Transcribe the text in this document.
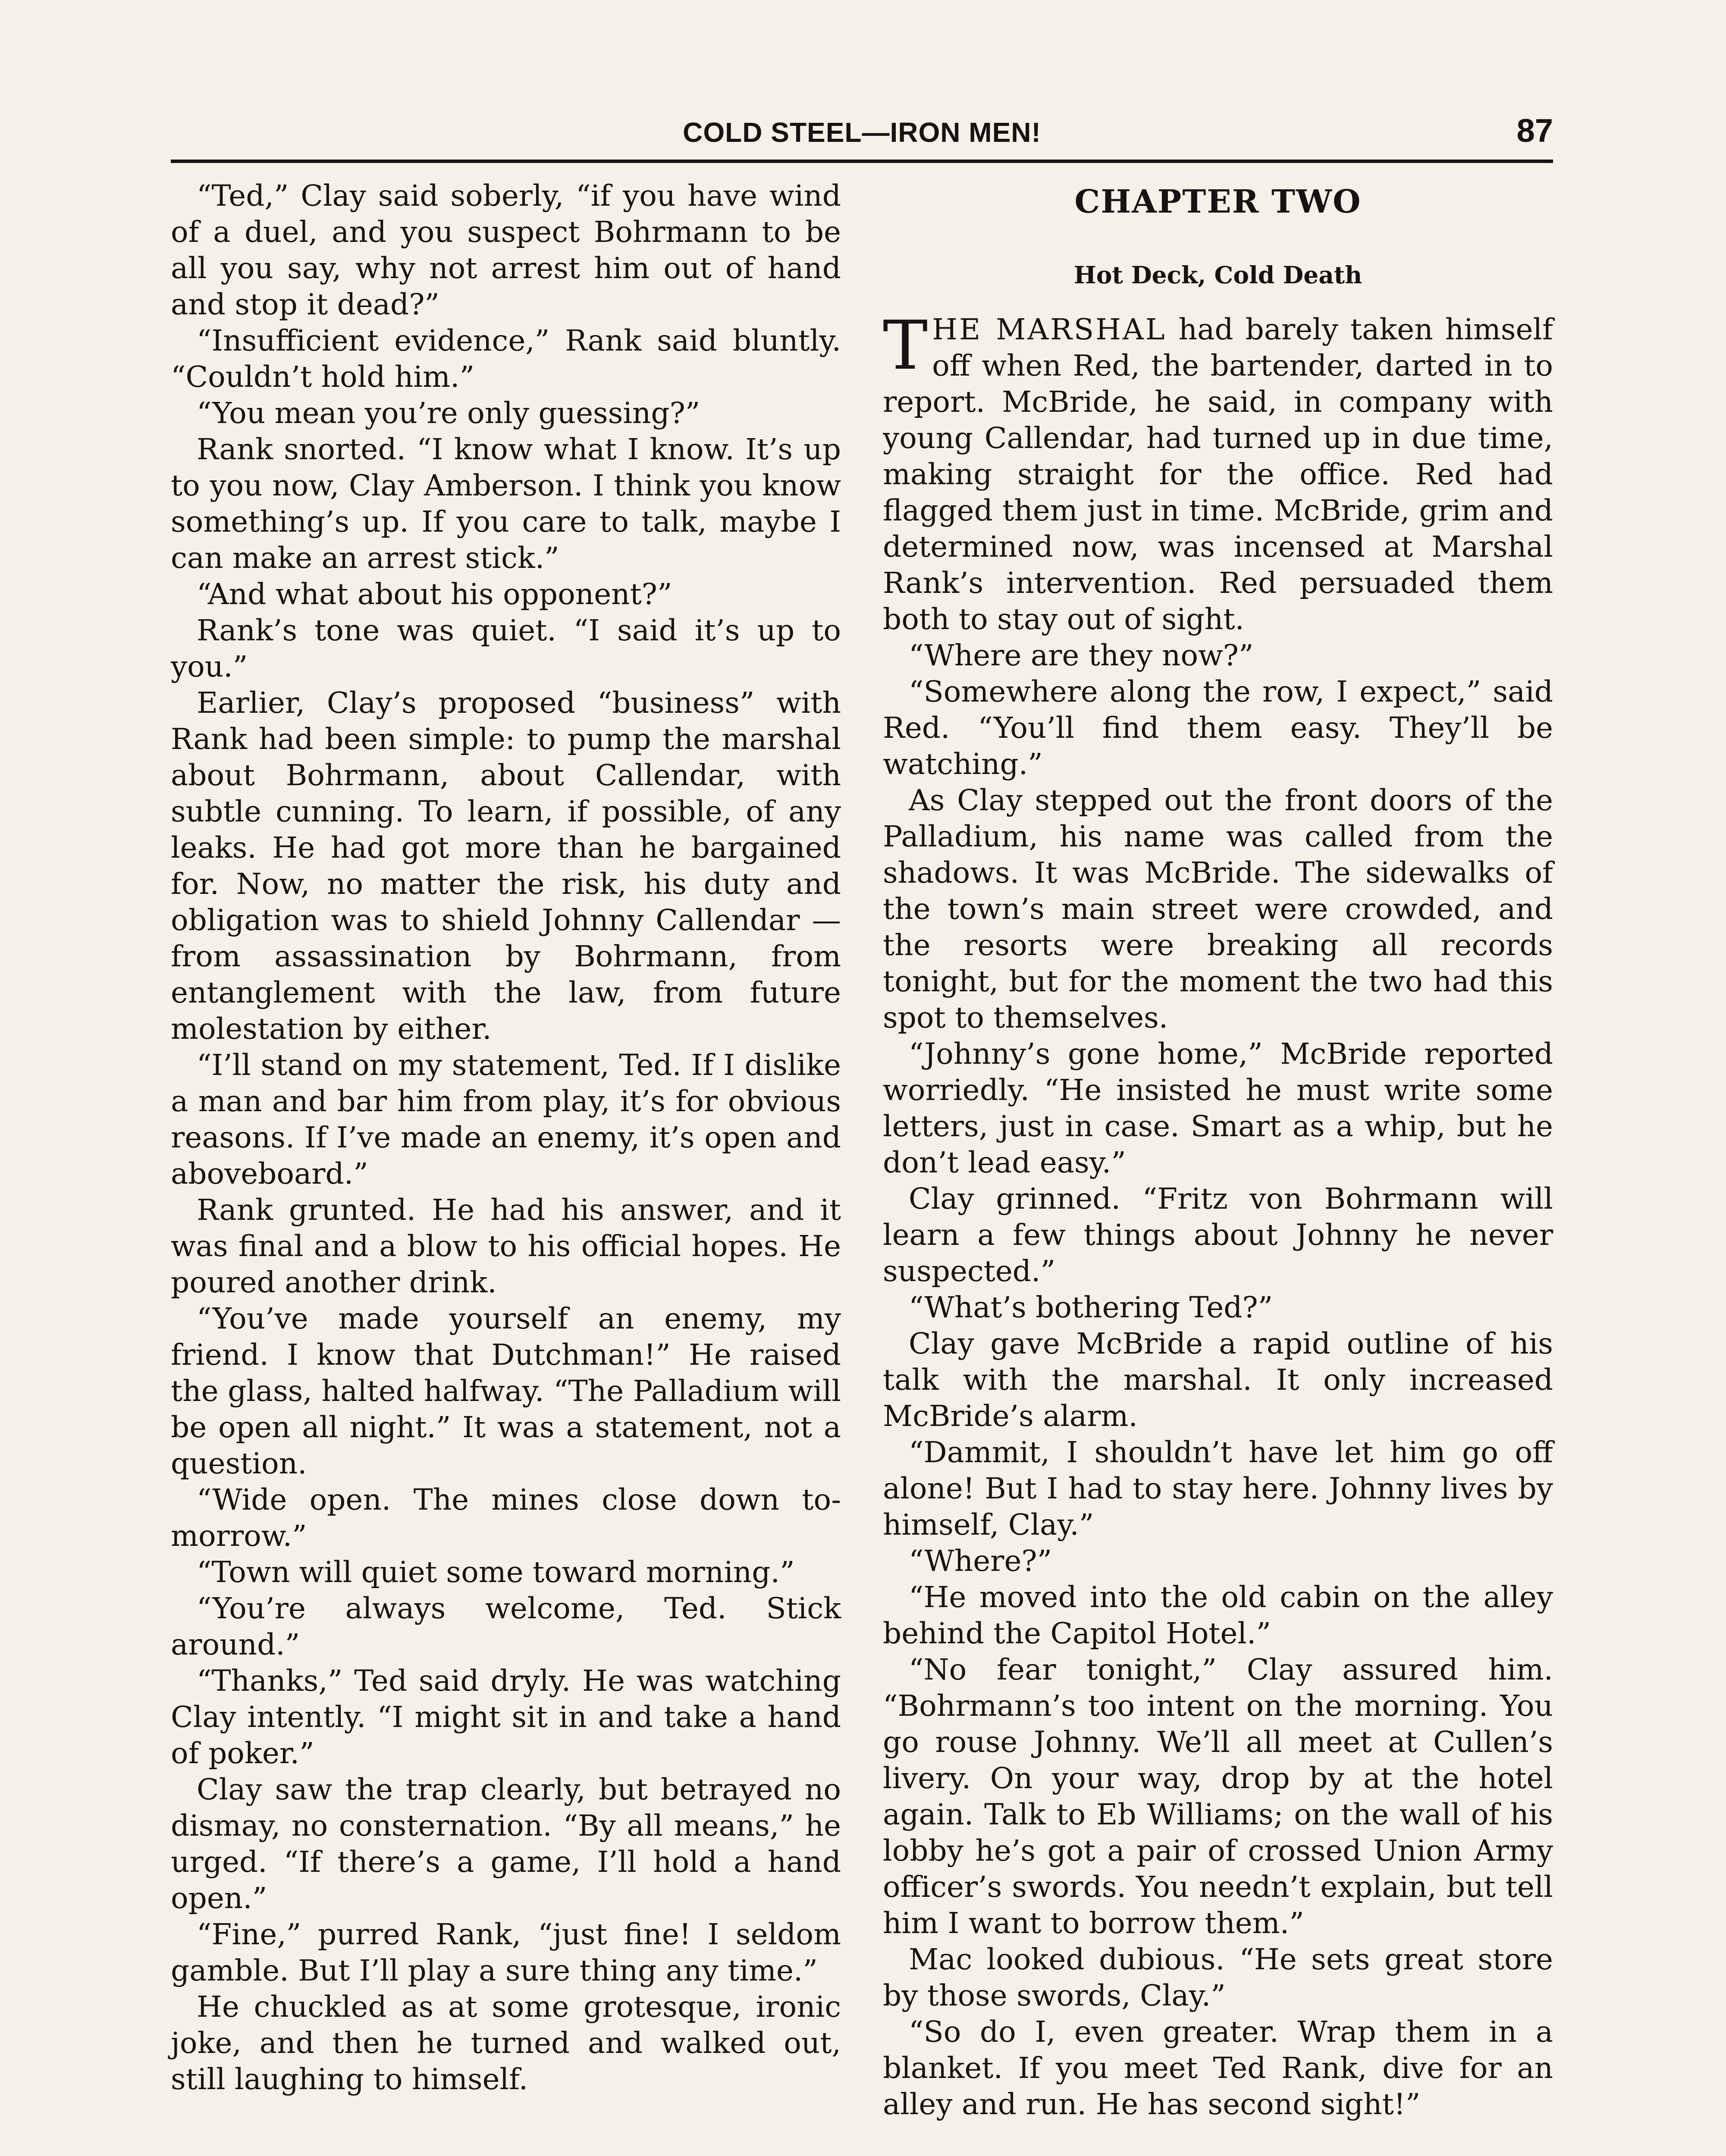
COLD STEEL—IRON MEN!	87

“Ted,” Clay said soberly, “if you have wind of a duel, and you suspect Bohrmann to be all you say, why not arrest him out of hand and stop it dead?”

“Insufficient evidence,” Rank said bluntly. “Couldn’t hold him.”

“You mean you’re only guessing?”

Rank snorted. “I know what I know. It’s up to you now, Clay Amberson. I think you know something’s up. If you care to talk, maybe I can make an arrest stick.”

“And what about his opponent?”

Rank’s tone was quiet. “I said it’s up to you.”

Earlier, Clay’s proposed “business” with Rank had been simple: to pump the marshal about Bohrmann, about Callendar, with subtle cunning. To learn, if possible, of any leaks. He had got more than he bargained for. Now, no matter the risk, his duty and obligation was to shield Johnny Callendar — from assassination by Bohrmann, from entanglement with the law, from future molestation by either.

“I’ll stand on my statement, Ted. If I dislike a man and bar him from play, it’s for obvious reasons. If I’ve made an enemy, it’s open and aboveboard.”

Rank grunted. He had his answer, and it was final and a blow to his official hopes. He poured another drink.

“You’ve made yourself an enemy, my friend. I know that Dutchman!” He raised the glass, halted halfway. “The Palladium will be open all night.” It was a statement, not a question.

“Wide open. The mines close down tomorrow.”

“Town will quiet some toward morning.”

“You’re always welcome, Ted. Stick around.”

“Thanks,” Ted said dryly. He was watching Clay intently. “I might sit in and take a hand of poker.”

Clay saw the trap clearly, but betrayed no dismay, no consternation. “By all means,” he urged. “If there’s a game, I’ll hold a hand open.”

“Fine,” purred Rank, “just fine! I seldom gamble. But I’ll play a sure thing any time.”

He chuckled as at some grotesque, ironic joke, and then he turned and walked out, still laughing to himself.

CHAPTER TWO
Hot Deck, Cold Death

THE MARSHAL had barely taken himself off when Red, the bartender, darted in to report. McBride, he said, in company with young Callendar, had turned up in due time, making straight for the office. Red had flagged them just in time. McBride, grim and determined now, was incensed at Marshal Rank’s intervention. Red persuaded them both to stay out of sight.

“Where are they now?”

“Somewhere along the row, I expect,” said Red. “You’ll find them easy. They’ll be watching.”

As Clay stepped out the front doors of the Palladium, his name was called from the shadows. It was McBride. The sidewalks of the town’s main street were crowded, and the resorts were breaking all records tonight, but for the moment the two had this spot to themselves.

“Johnny’s gone home,” McBride reported worriedly. “He insisted he must write some letters, just in case. Smart as a whip, but he don’t lead easy.”

Clay grinned. “Fritz von Bohrmann will learn a few things about Johnny he never suspected.”

“What’s bothering Ted?”

Clay gave McBride a rapid outline of his talk with the marshal. It only increased McBride’s alarm.

“Dammit, I shouldn’t have let him go off alone! But I had to stay here. Johnny lives by himself, Clay.”

“Where?”

“He moved into the old cabin on the alley behind the Capitol Hotel.”

“No fear tonight,” Clay assured him. “Bohrmann’s too intent on the morning. You go rouse Johnny. We’ll all meet at Cullen’s livery. On your way, drop by at the hotel again. Talk to Eb Williams; on the wall of his lobby he’s got a pair of crossed Union Army officer’s swords. You needn’t explain, but tell him I want to borrow them.”

Mac looked dubious. “He sets great store by those swords, Clay.”

“So do I, even greater. Wrap them in a blanket. If you meet Ted Rank, dive for an alley and run. He has second sight!”
